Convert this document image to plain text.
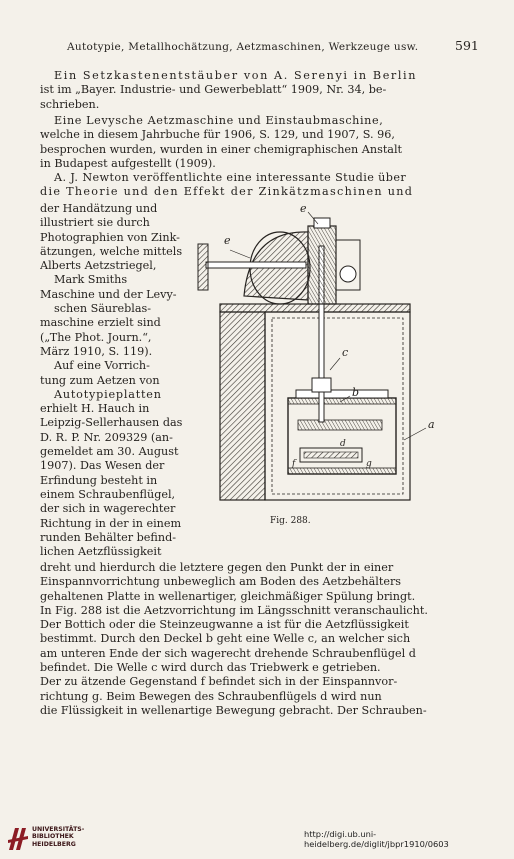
Autotypie, Metallhochätzung, Aetzmaschinen, Werkzeuge usw.	591

Ein Setzkastenentstäuber von A. Serenyi in Berlin

ist im „Bayer. Industrie- und Gewerbeblatt“ 1909, Nr. 34, be-

schrieben.

Eine Levysche Aetzmaschine und Einstaubmaschine,

welche in diesem Jahrbuche für 1906, S. 129, und 1907, S. 96,

besprochen wurden, wurden in einer chemigraphischen Anstalt

in Budapest aufgestellt (1909).

A. J. Newton veröffentlichte eine interessante Studie über

die Theorie und den Effekt der Zinkätzmaschinen und

der Handätzung und
illustriert sie durch
Photographien von Zink-
ätzungen, welche mittels
Alberts Aetzstriegel,
Mark Smiths
Maschine und der Levy-
schen Säureblas-
maschine erzielt sind
(„The Phot. Journ.“,
März 1910, S. 119).
Auf eine Vorrich-
tung zum Aetzen von
Autotypieplatten
erhielt H. Hauch in
Leipzig-Sellerhausen das
D. R. P. Nr. 209329 (an-
gemeldet am 30. August
1907). Das Wesen der
Erfindung besteht in
einem Schraubenflügel,
der sich in wagerechter
Richtung in der in einem
runden Behälter befind-
lichen Aetzflüssigkeit
e
e
c
b
a
d
f	g
Fig. 288.

dreht und hierdurch die letztere gegen den Punkt der in einer

Einspannvorrichtung unbeweglich am Boden des Aetzbehälters

gehaltenen Platte in wellenartiger, gleichmäßiger Spülung bringt.

In Fig. 288 ist die Aetzvorrichtung im Längsschnitt veranschaulicht.

Der Bottich oder die Steinzeugwanne a ist für die Aetzflüssigkeit

bestimmt. Durch den Deckel b geht eine Welle c, an welcher sich

am unteren Ende der sich wagerecht drehende Schraubenflügel d

befindet. Die Welle c wird durch das Triebwerk e getrieben.

Der zu ätzende Gegenstand f befindet sich in der Einspannvor-

richtung g. Beim Bewegen des Schraubenflügels d wird nun

die Flüssigkeit in wellenartige Bewegung gebracht. Der Schrauben-

UNIVERSITÄTS-
BIBLIOTHEK
HEIDELBERG
http://digi.ub.uni-heidelberg.de/diglit/jbpr1910/0603
